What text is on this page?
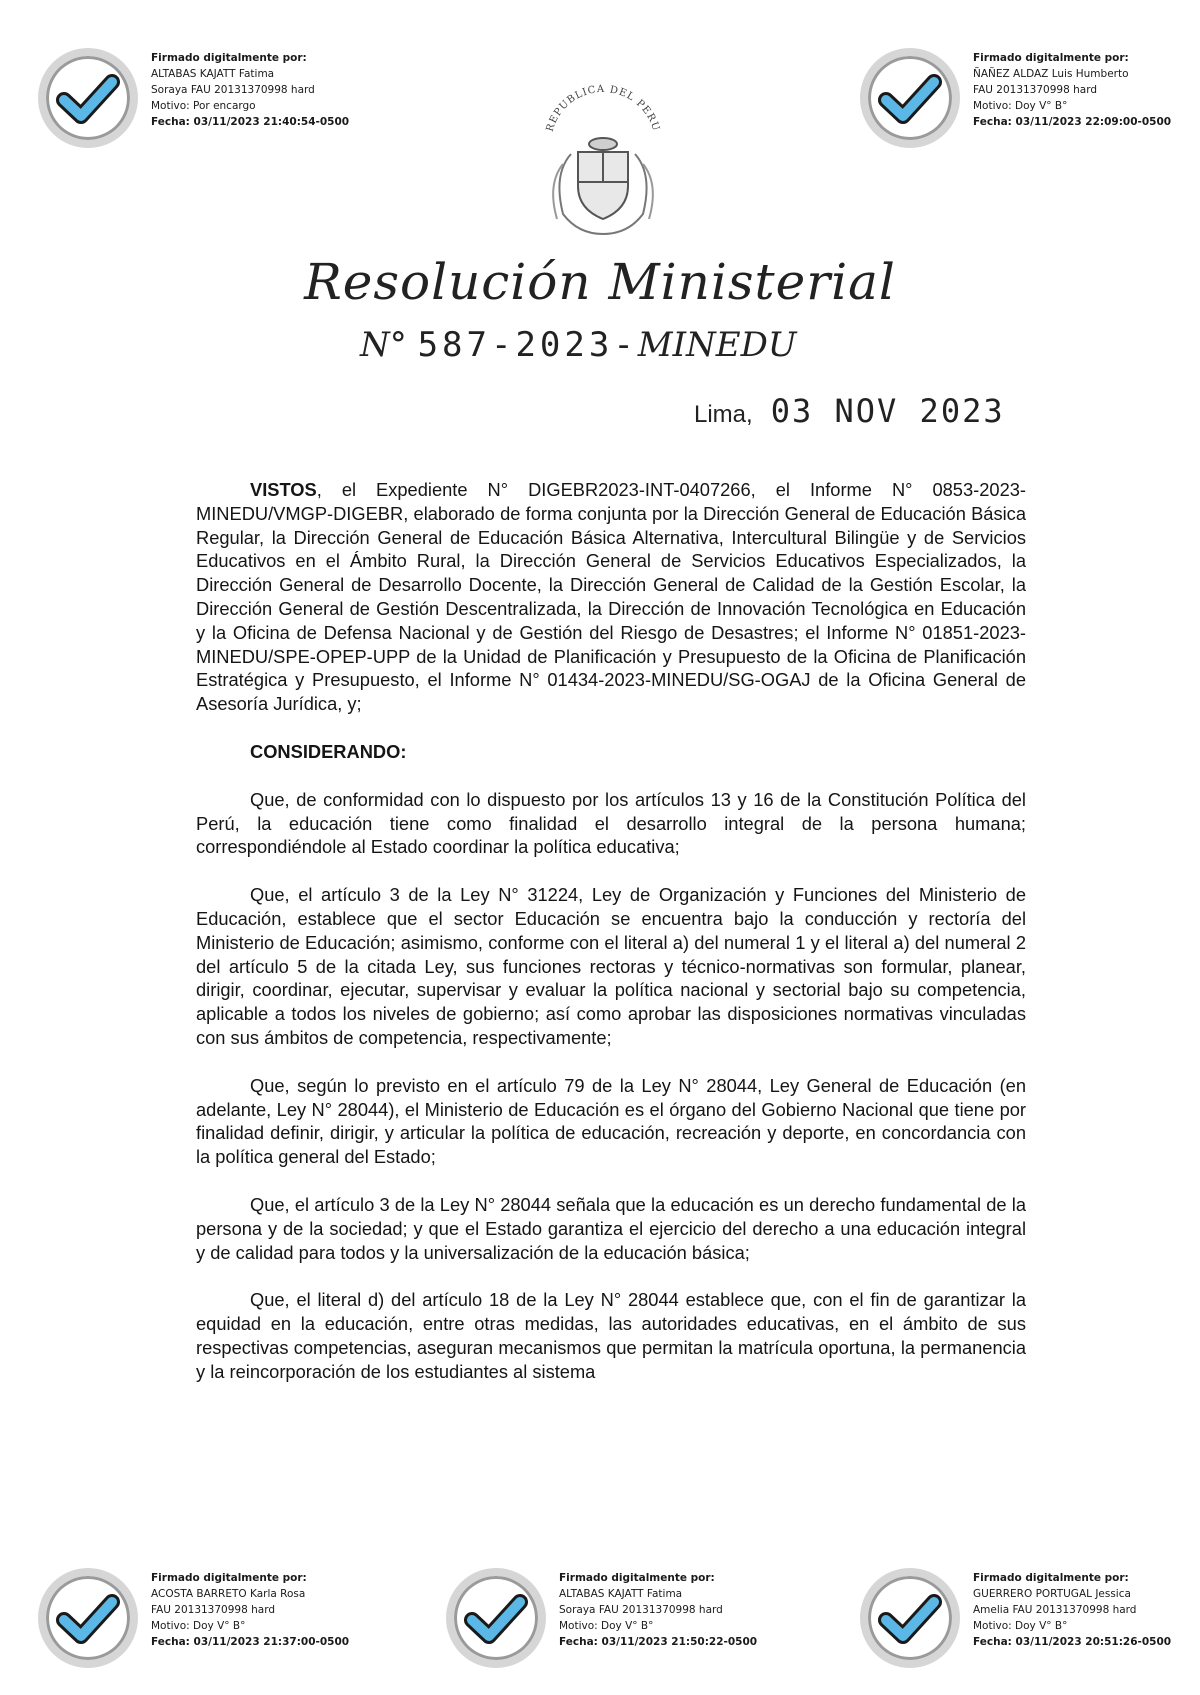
Firmado digitalmente por:
ALTABAS KAJATT Fatima
Soraya FAU 20131370998 hard
Motivo: Por encargo
Fecha: 03/11/2023 21:40:54-0500
Firmado digitalmente por:
ÑAÑEZ ALDAZ Luis Humberto
FAU 20131370998 hard
Motivo: Doy V° B°
Fecha: 03/11/2023 22:09:00-0500
REPUBLICA DEL PERU
Resolución Ministerial
N° 587-2023-MINEDU
Lima, 03 NOV 2023

VISTOS, el Expediente N° DIGEBR2023-INT-0407266, el Informe N° 0853-2023-MINEDU/VMGP-DIGEBR, elaborado de forma conjunta por la Dirección General de Educación Básica Regular, la Dirección General de Educación Básica Alternativa, Intercultural Bilingüe y de Servicios Educativos en el Ámbito Rural, la Dirección General de Servicios Educativos Especializados, la Dirección General de Desarrollo Docente, la Dirección General de Calidad de la Gestión Escolar, la Dirección General de Gestión Descentralizada, la Dirección de Innovación Tecnológica en Educación y la Oficina de Defensa Nacional y de Gestión del Riesgo de Desastres; el Informe N° 01851-2023-MINEDU/SPE-OPEP-UPP de la Unidad de Planificación y Presupuesto de la Oficina de Planificación Estratégica y Presupuesto, el Informe N° 01434-2023-MINEDU/SG-OGAJ de la Oficina General de Asesoría Jurídica, y;

CONSIDERANDO:

Que, de conformidad con lo dispuesto por los artículos 13 y 16 de la Constitución Política del Perú, la educación tiene como finalidad el desarrollo integral de la persona humana; correspondiéndole al Estado coordinar la política educativa;

Que, el artículo 3 de la Ley N° 31224, Ley de Organización y Funciones del Ministerio de Educación, establece que el sector Educación se encuentra bajo la conducción y rectoría del Ministerio de Educación; asimismo, conforme con el literal a) del numeral 1 y el literal a) del numeral 2 del artículo 5 de la citada Ley, sus funciones rectoras y técnico-normativas son formular, planear, dirigir, coordinar, ejecutar, supervisar y evaluar la política nacional y sectorial bajo su competencia, aplicable a todos los niveles de gobierno; así como aprobar las disposiciones normativas vinculadas con sus ámbitos de competencia, respectivamente;

Que, según lo previsto en el artículo 79 de la Ley N° 28044, Ley General de Educación (en adelante, Ley N° 28044), el Ministerio de Educación es el órgano del Gobierno Nacional que tiene por finalidad definir, dirigir, y articular la política de educación, recreación y deporte, en concordancia con la política general del Estado;

Que, el artículo 3 de la Ley N° 28044 señala que la educación es un derecho fundamental de la persona y de la sociedad; y que el Estado garantiza el ejercicio del derecho a una educación integral y de calidad para todos y la universalización de la educación básica;

Que, el literal d) del artículo 18 de la Ley N° 28044 establece que, con el fin de garantizar la equidad en la educación, entre otras medidas, las autoridades educativas, en el ámbito de sus respectivas competencias, aseguran mecanismos que permitan la matrícula oportuna, la permanencia y la reincorporación de los estudiantes al sistema

Firmado digitalmente por:
ACOSTA BARRETO Karla Rosa
FAU 20131370998 hard
Motivo: Doy V° B°
Fecha: 03/11/2023 21:37:00-0500
Firmado digitalmente por:
ALTABAS KAJATT Fatima
Soraya FAU 20131370998 hard
Motivo: Doy V° B°
Fecha: 03/11/2023 21:50:22-0500
Firmado digitalmente por:
GUERRERO PORTUGAL Jessica
Amelia FAU 20131370998 hard
Motivo: Doy V° B°
Fecha: 03/11/2023 20:51:26-0500
